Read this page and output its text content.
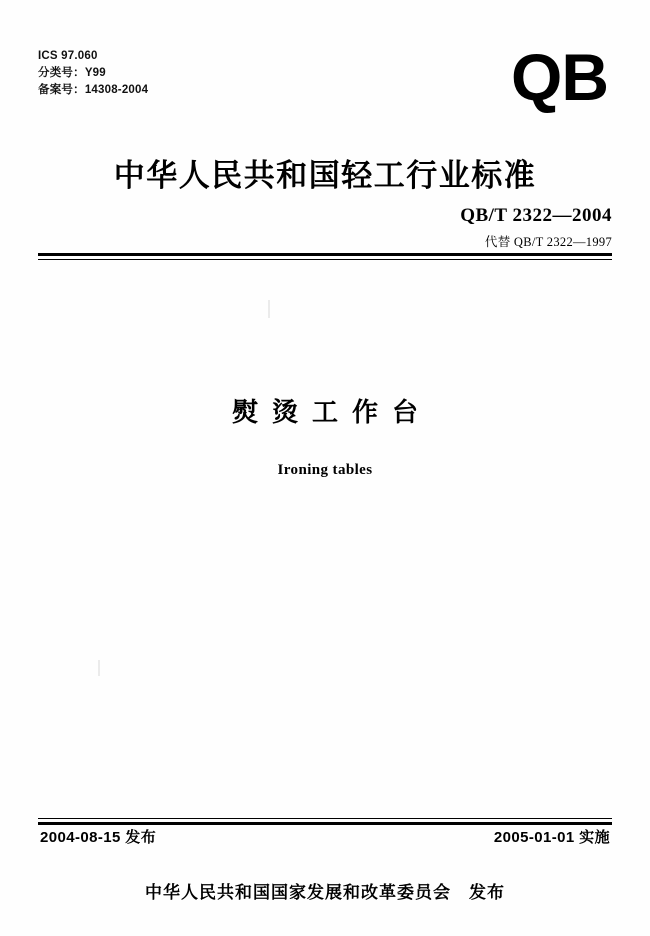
ICS 97.060
分类号：Y99
备案号：14308-2004	QB
中华人民共和国轻工行业标准
QB/T 2322—2004
代替 QB/T 2322—1997
熨烫工作台
Ironing tables
2004-08-15 发布	2005-01-01 实施
中华人民共和国国家发展和改革委员会 发布
